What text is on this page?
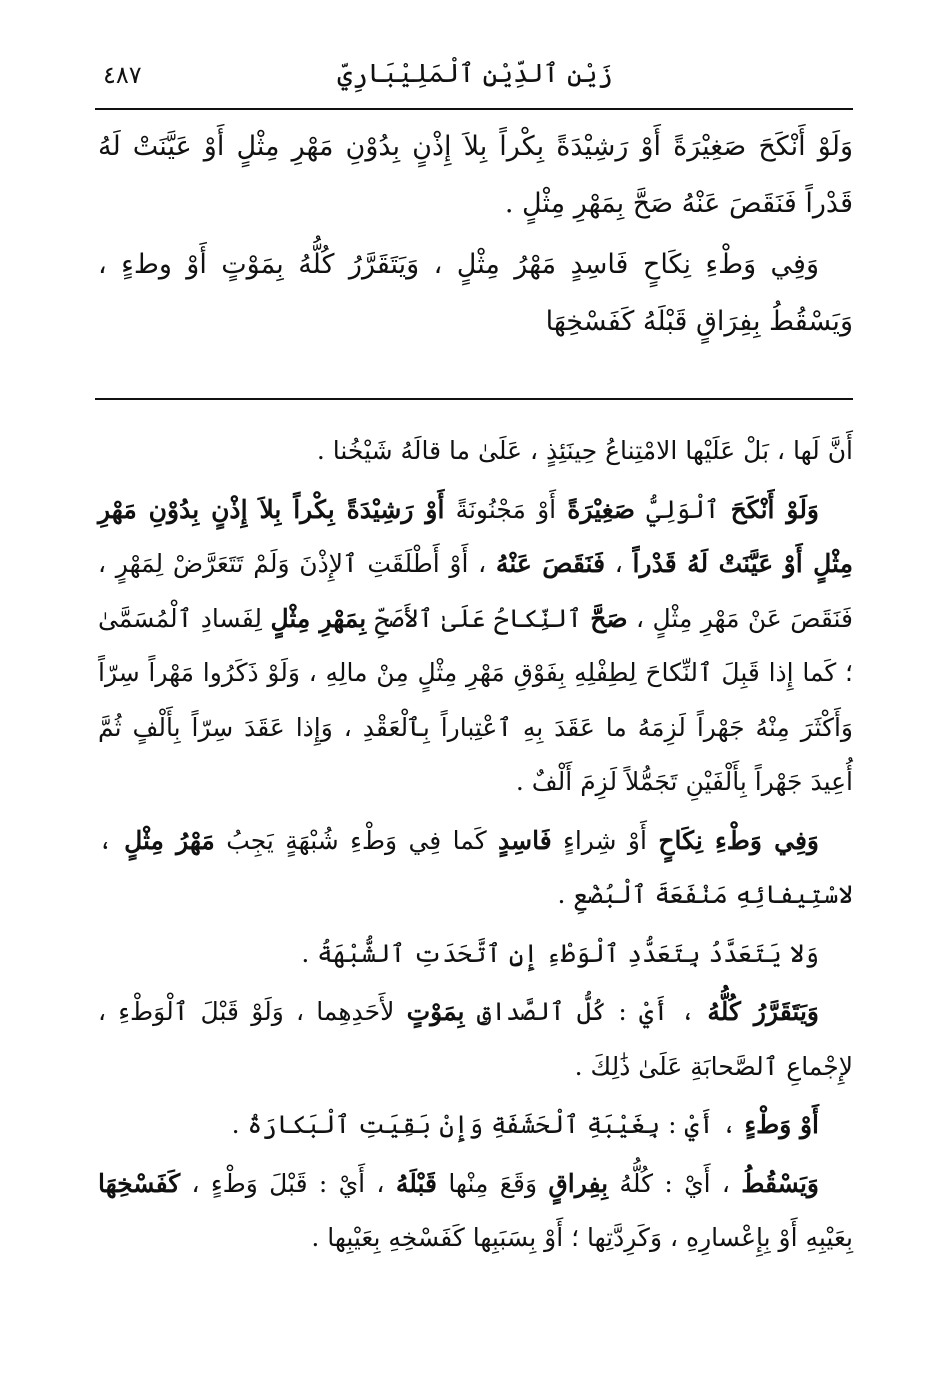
٤٨٧	زَيْن ٱلدِّيْنِ ٱلْمَلِيْبَارِيّ

وَلَوْ أَنْكَحَ صَغِيْرَةً أَوْ رَشِيْدَةً بِكْراً بِلاَ إِذْنٍ بِدُوْنِ مَهْرِ مِثْلٍ أَوْ عَيَّنَتْ لَهُ قَدْراً فَنَقَصَ عَنْهُ صَحَّ بِمَهْرِ مِثْلٍ .

وَفِي وَطْءِ نِكَاحٍ فَاسِدٍ مَهْرُ مِثْلٍ ، وَيَتَقَرَّرُ كُلُّهُ بِمَوْتٍ أَوْ وطءٍ ، وَيَسْقُطُ بِفِرَاقٍ قَبْلَهُ كَفَسْخِهَا

أَنَّ لَها ، بَلْ عَلَيْها الامْتِناعُ حِينَئِذٍ ، عَلَىٰ ما قالَهُ شَيْخُنا .

وَلَوْ أَنْكَحَ ٱلْوَلِيُّ صَغِيْرَةً أَوْ مَجْنُونَةً أَوْ رَشِيْدَةً بِكْراً بِلاَ إِذْنٍ بِدُوْنِ مَهْرِ مِثْلٍ أَوْ عَيَّنَتْ لَهُ قَدْراً ، فَنَقَصَ عَنْهُ ، أَوْ أَطْلَقَتِ ٱلإِذْنَ وَلَمْ تَتَعَرَّضْ لِمَهْرٍ ، فَنَقَصَ عَنْ مَهْرِ مِثْلٍ ، صَحَّ ٱلنِّكاحُ عَلَىٰ ٱلأَصَحِّ بِمَهْرِ مِثْلٍ لِفَسادِ ٱلْمُسَمَّىٰ ؛ كَما إِذا قَبِلَ ٱلنِّكاحَ لِطِفْلِهِ بِفَوْقِ مَهْرِ مِثْلٍ مِنْ مالِهِ ، وَلَوْ ذَكَرُوا مَهْراً سِرّاً وَأَكْثَرَ مِنْهُ جَهْراً لَزِمَهُ ما عَقَدَ بِهِ ٱعْتِباراً بِٱلْعَقْدِ ، وَإِذا عَقَدَ سِرّاً بِأَلْفٍ ثُمَّ أُعِيدَ جَهْراً بِأَلْفَيْنِ تَجَمُّلاً لَزِمَ أَلْفٌ .

وَفِي وَطْءِ نِكَاحٍ أَوْ شِراءٍ فَاسِدٍ كَما فِي وَطْءِ شُبْهَةٍ يَجِبُ مَهْرُ مِثْلٍ ، لاسْتِيفائِهِ مَنْفَعَةَ ٱلْبُضْعِ .

وَلا يَتَعَدَّدُ بِتَعَدُّدِ ٱلْوَطْءِ إِنِ ٱتَّحَدَتِ ٱلشُّبْهَةُ .

وَيَتَقَرَّرُ كُلُّهُ ، أَيْ : كُلُّ ٱلصَّداقِ بِمَوْتٍ لأَحَدِهِما ، وَلَوْ قَبْلَ ٱلْوَطْءِ ، لإِجْماعِ ٱلصَّحابَةِ عَلَىٰ ذَٰلِكَ .

أَوْ وَطْءٍ ، أَيْ : بِغَيْبَةِ ٱلْحَشَفَةِ وَإِنْ بَقِيَتِ ٱلْبَكارَةُ .

وَيَسْقُطُ ، أَيْ : كُلُّهُ بِفِراقٍ وَقَعَ مِنْها قَبْلَهُ ، أَيْ : قَبْلَ وَطْءٍ ، كَفَسْخِهَا بِعَيْبِهِ أَوْ بِإِعْسارِهِ ، وَكَرِدَّتِها ؛ أَوْ بِسَبَبِها كَفَسْخِهِ بِعَيْبِها .
